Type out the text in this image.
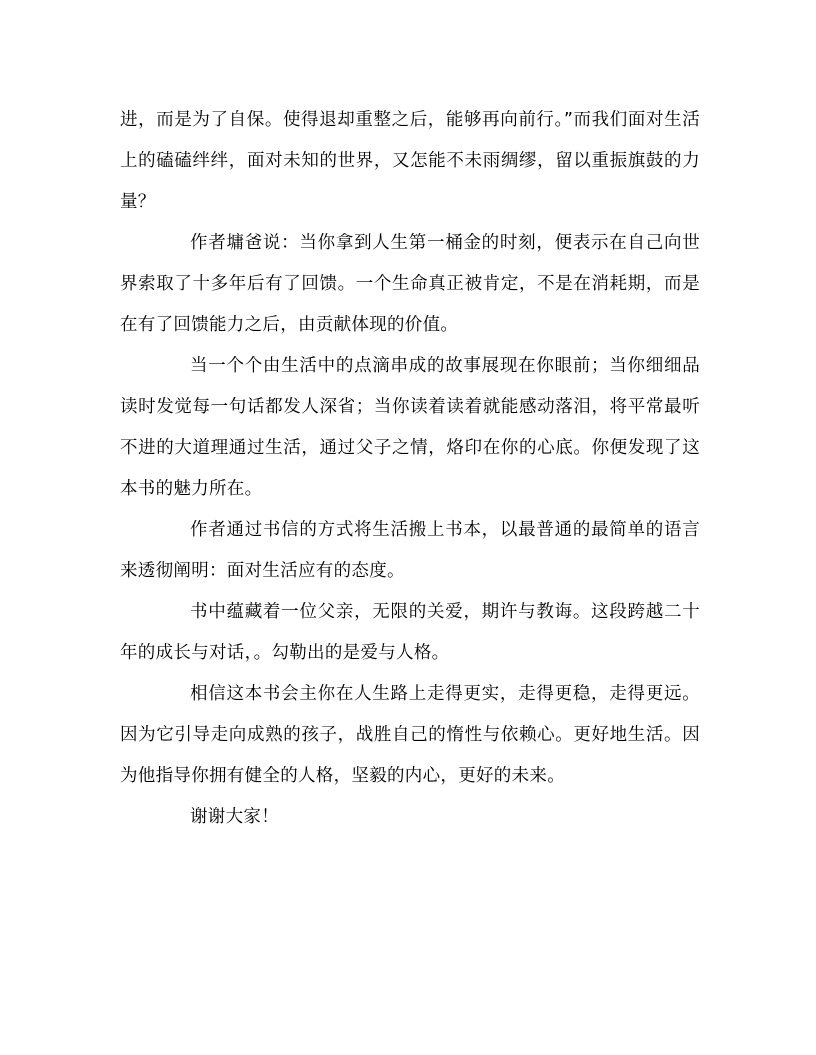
进，而是为了自保。使得退却重整之后，能够再向前行。”而我们面对生活上的磕磕绊绊，面对未知的世界，又怎能不未雨绸缪，留以重振旗鼓的力量？

作者墉爸说：当你拿到人生第一桶金的时刻，便表示在自己向世界索取了十多年后有了回馈。一个生命真正被肯定，不是在消耗期，而是在有了回馈能力之后，由贡献体现的价值。

当一个个由生活中的点滴串成的故事展现在你眼前；当你细细品读时发觉每一句话都发人深省；当你读着读着就能感动落泪，将平常最听不进的大道理通过生活，通过父子之情，烙印在你的心底。你便发现了这本书的魅力所在。

作者通过书信的方式将生活搬上书本，以最普通的最简单的语言来透彻阐明：面对生活应有的态度。

书中蕴藏着一位父亲，无限的关爱，期许与教诲。这段跨越二十年的成长与对话，。勾勒出的是爱与人格。

相信这本书会主你在人生路上走得更实，走得更稳，走得更远。因为它引导走向成熟的孩子，战胜自己的惰性与依赖心。更好地生活。因为他指导你拥有健全的人格，坚毅的内心，更好的未来。

谢谢大家！
